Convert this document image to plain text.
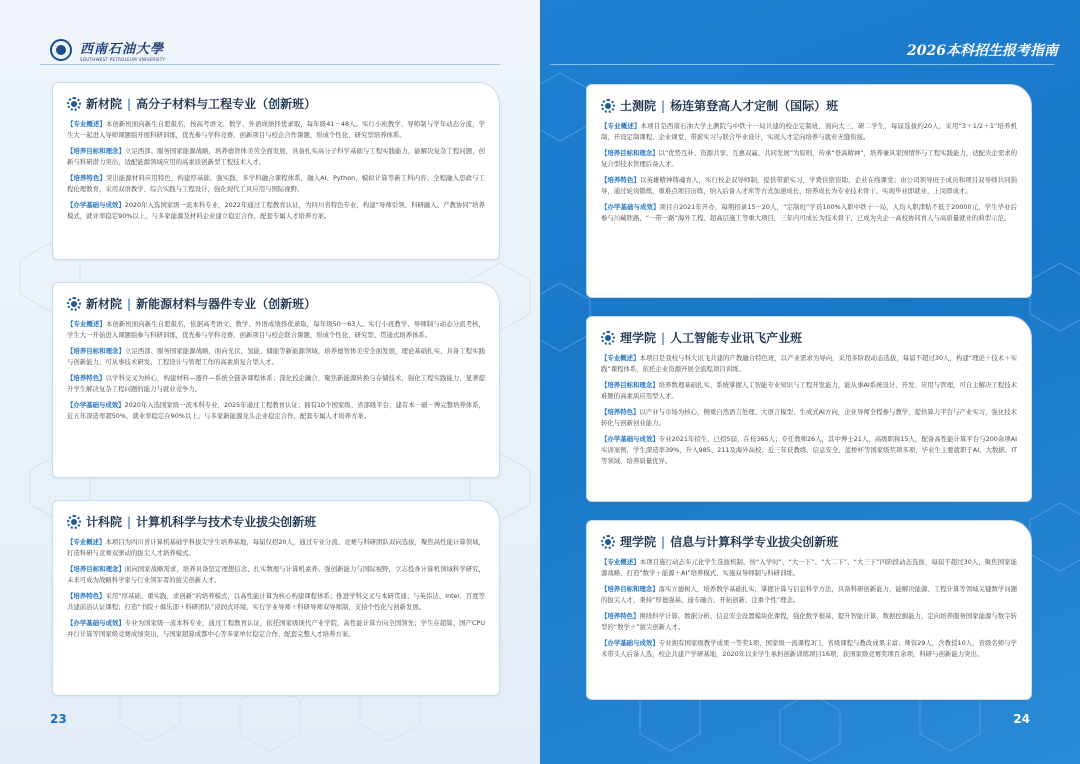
西南石油大學
SOUTHWEST PETROLEUM UNIVERSITY
新材院 | 高分子材料与工程专业（创新班）

【专业概述】本创新班面向新生自愿报名，按高考语文、数学、外语成绩择优录取，每年级41－48人。实行小班教学、导师制与学年动态分流，学生大一起进入导师课题组开展科研训练，优先参与学科竞赛、创新项目与校企合作课题，形成个性化、研究型培养体系。

【培养目标和理念】立足西部、服务国家能源战略，培养德智体美劳全面发展，具备扎实高分子科学基础与工程实践能力，能解决复杂工程问题，创新与科研潜力突出，适配能源领域应用的高素质创新型工程技术人才。

【培养特色】突出能源材料应用特色，构建厚基础、强实践、多学科融合课程体系，融入AI、Python、模拟计算等新工科内容；全程融入思政与工程伦理教育，采用双语教学、综合实践与工程设计，强化现代工具应用与国际视野。

【办学基础与成效】2020年入选国家级一流本科专业，2022年通过工程教育认证，为四川省特色专业，构建“导师引领、科研融入、产教协同”培养模式，就业率稳定90%以上，与多家能源及材料企业建立稳定合作，配套专属人才培养方案。

新材院 | 新能源材料与器件专业（创新班）

【专业概述】本创新班面向新生自愿报名，依据高考语文、数学、外语成绩择优录取，每年级50－63人。实行小班教学、导师制与动态分流考核，学生大一开始进入课题组参与科研训练，优先参与学科竞赛、创新项目与校企联合课题，形成个性化、研究型、贯通式培养体系。

【培养目标和理念】立足西部、服务国家能源战略，面向光伏、氢能、储能等新能源领域，培养德智体美劳全面发展，理论基础扎实、具备工程实践与创新能力，可从事技术研发、工程设计与管理工作的高素质复合型人才。

【培养特色】以学科交叉为核心，构建材料—器件—系统全链条课程体系；深化校企融合，聚焦新能源转换与存储技术，强化工程实践能力，显著提升学生解决复杂工程问题的能力与就业竞争力。

【办学基础与成效】2020年入选国家级一流本科专业，2025年通过工程教育认证；拥有10个国家级、省部级平台，建有本－硕－博完整培养体系，近五年深造率超50%，就业率稳定在90%以上；与多家新能源龙头企业稳定合作，配套专属人才培养方案。

计科院 | 计算机科学与技术专业拔尖创新班

【专业概述】本项目为四川省计算机基础学科拔尖学生培养基地，每届仅招20人，通过专业分流、竞赛与科研团队双向选拔，聚焦高性能计算领域，打造科研与竞赛双驱动的拔尖人才培养模式。

【培养目标和理念】面向国家战略需求，培养具备坚定理想信念、扎实数理与计算机素养、强创新能力与国际视野，立志投身计算机领域科学研究，未来可成为战略科学家与行业领军者的拔尖创新人才。

【培养特色】采用“厚基础、重实践、求创新”的培养模式，以高性能计算为核心构建课程体系；推进学科交叉与本研贯通；与英伟达、Intel、百度等共建前沿认证课程；打造“书院＋俱乐部＋科研团队”浸润式环境，实行学业导师＋科研导师双导师制，支持个性化与创新发展。

【办学基础与成效】专业为国家级一流本科专业，通过工程教育认证，依托国家级现代产业学院，高性能计算方向全国领先；学生在超算、国产CPU并行计算等国家级竞赛成绩突出，与国家超算成都中心等多家单位稳定合作，配套完整人才培养方案。

23
2026本科招生报考指南
土测院 | 杨连第登高人才定制（国际）班

【专业概述】本项目是西南石油大学土测院与中铁十一局共建的校企定制班，面向大三、研二学生，每届选拔约20人，采用“3＋1/2＋1”培养机制，开设定制课程、企业课堂、带薪实习与联合毕业设计，实现人才定向培养与就业无缝衔接。

【培养目标和理念】以“优势互补、资源共享、互惠双赢、共同发展”为原则，传承“登高精神”，培养兼具家国情怀与工程实践能力，适配央企需求的复合型技术管理后备人才。

【培养特色】以英雄精神铸魂育人，实行校企双导师制，提供带薪实习、学费住宿资助，企业在线课堂；由公司领导班子成员和项目双导师共同指导，通过轮岗锻炼、重难点项目历练，纳入后备人才库等方式加速成长，培养成长为专业技术骨干、实现毕业即就业、上岗即成才。

【办学基础与成效】项目自2021年开办，每期招录15－20人，“定制班”学员100%入职中铁十一局，人均入职津贴不低于20000元，学生毕业后参与川藏铁路、“一带一路”海外工程、超高层施工等重大项目，三年内可成长为技术骨干，已成为央企一高校协同育人与高质量就业的典型示范。

理学院 | 人工智能专业讯飞产业班

【专业概述】本项目是我校与科大讯飞共建的产教融合特色班，以产业需求为导向，采用多阶段动态选拔，每届不超过30人，构建“理论＋技术＋实践”课程体系，依托企业资源开展全流程项目训练。

【培养目标和理念】培养数理基础扎实、系统掌握人工智能专业知识与工程开发能力，能从事AI系统设计、开发、应用与管理，可自主解决工程技术难题的高素质应用型人才。

【培养特色】以产业与市场为核心，侧重自然语言处理、大语言模型、生成式AI方向，企业导师全程参与教学，提供算力平台与产业实习，强化技术转化与创新创业能力。

【办学基础与成效】专业2021年招生，已招5届，在校365人；专任教师26人，其中博士21人、高级职称15人，配备高性能计算平台与200余项AI实训案例，学生深造率39%、升入985、211及海外高校；近三年获教练、信息安全、蓝桥杯等国家级奖项多项，毕业生主要就职于AI、大数据、IT等领域，培养质量优异。

理学院 | 信息与计算科学专业拔尖创新班

【专业概述】本项目施行动态多元化学生选拔机制，按“入学时”、“大一下”、“大二下”、“大三下”四阶段动态选拔，每届不超过30人，聚焦国家能源战略，打造“数学＋能源＋AI”培养模式，实施双导师制与科研训练。

【培养目标和理念】落实立德树人，培养数学基础扎实，掌握计算与信息科学方法，具备科研创新能力，能解决能源、工程计算等领域关键数学问题的拔尖人才，秉持“厚德强基、通专融合、开拓创新、注重个性”理念。

【培养特色】围绕科学计算、数据分析、信息安全设置模块化课程，强化数学根基，提升智能计算、数据挖掘能力，定向培养服务国家能源与数字转型的“数学＋”拔尖创新人才。

【办学基础与成效】专业拥有国家级教学成果一等奖1项、国家级一流课程3门，省级课程与教改成果丰富；师资29人，含教授10人，省级名师与学术带头人后备人选，校企共建产学研基地，2020年以来学生承担创新训练项目16项，获国家级竞赛奖项百余项，科研与创新能力突出。

24
